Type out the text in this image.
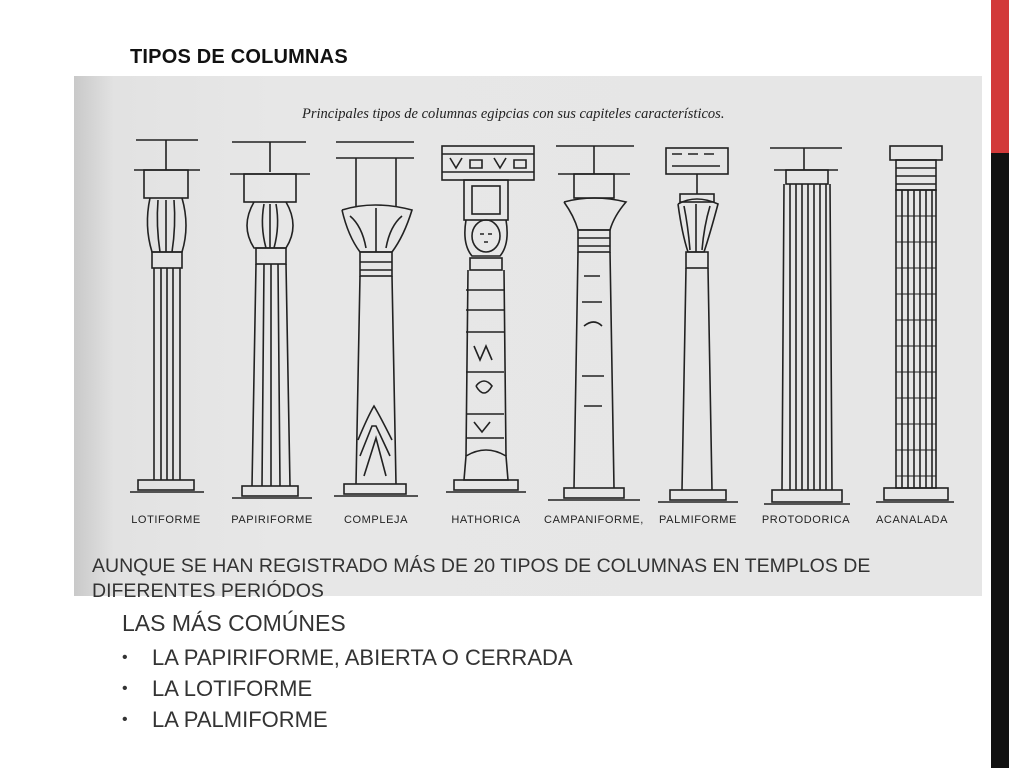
TIPOS DE COLUMNAS
Principales tipos de columnas egipcias con sus capiteles característicos.
LOTIFORME	PAPIRIFORME	COMPLEJA	HATHORICA CAMPANIFORME, PALMIFORME PROTODORICA ACANALADA
AUNQUE SE HAN REGISTRADO MÁS DE 20 TIPOS DE COLUMNAS EN TEMPLOS DE DIFERENTES PERIÓDOS
LAS MÁS COMÚNES
• LA PAPIRIFORME, ABIERTA O CERRADA
• LA LOTIFORME
• LA PALMIFORME
